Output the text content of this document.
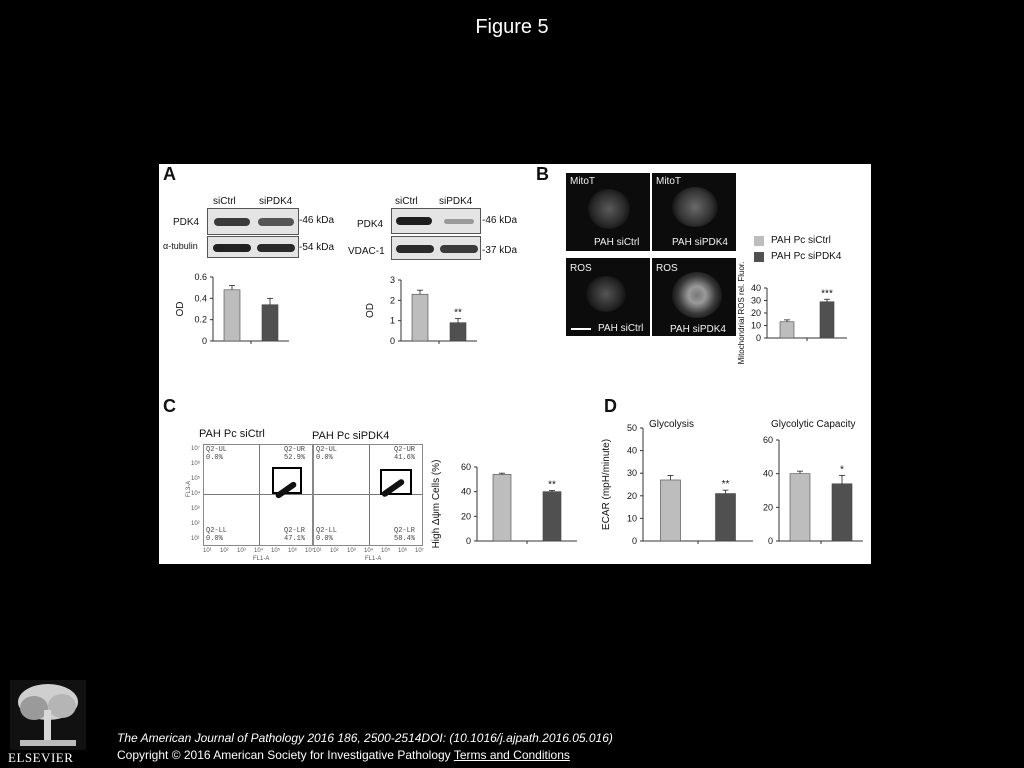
Figure 5
A
siCtrl siPDK4
PDK4
α-tubulin
-46 kDa
-54 kDa
siCtrl siPDK4
PDK4
VDAC-1
-46 kDa
-37 kDa
B MitoT
PAH siCtrl
MitoT
PAH siPDK4
ROS
PAH siCtrl
ROS
PAH siPDK4
PAH Pc siCtrl
PAH Pc siPDK4
C
PAH Pc siCtrl	PAH Pc siPDK4
FL3-A
FL1-A	FL1-A
10¹
10¹
10²
10²
10³
10³
10⁴
10⁴
10⁵
10⁵
10⁶
10⁶
10⁷
10⁷
10¹ 10² 10³ 10⁴ 10⁵ 10⁶ 10⁷
Q2-UL
0.0%
Q2-UR
52.9%
Q2-LL
0.0%
Q2-LR
47.1%
Q2-UL
0.0%
Q2-UR
41.6%
Q2-LL
0.0%
Q2-LR
58.4%
D
0
0.2
0.4
0.6
OD
0
1
2
3
**
OD
0
10
20
30
40
***
Mitochondrial ROS rel. Fluor.
0
20
40
60
**
High Δψm Cells (%)	0
10
20
30
40
50
**
ECAR (mpH/minute)
Glycolysis
0
20
40
60
*
Glycolytic Capacity
ELSEVIER
The American Journal of Pathology 2016 186, 2500-2514DOI: (10.1016/j.ajpath.2016.05.016)
Copyright © 2016 American Society for Investigative Pathology Terms and Conditions
